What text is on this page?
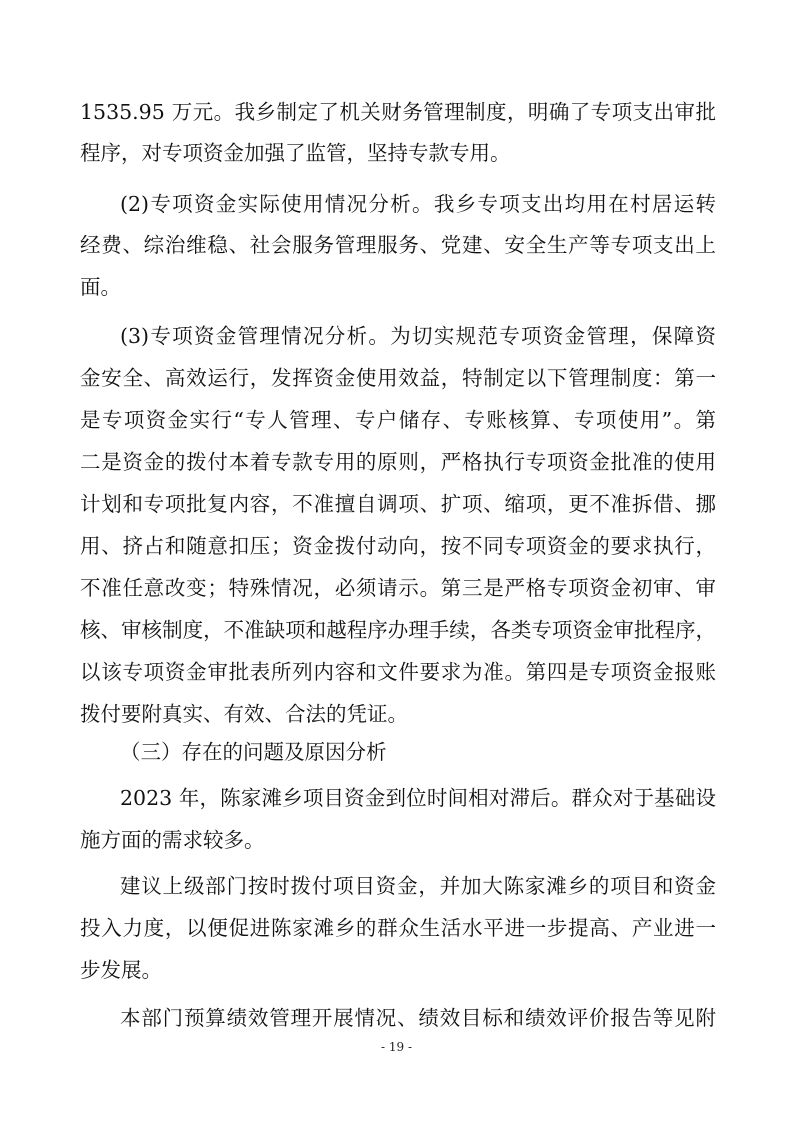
1535.95 万元。我乡制定了机关财务管理制度，明确了专项支出审批
程序，对专项资金加强了监管，坚持专款专用。
(2)专项资金实际使用情况分析。我乡专项支出均用在村居运转
经费、综治维稳、社会服务管理服务、党建、安全生产等专项支出上
面。
(3)专项资金管理情况分析。为切实规范专项资金管理，保障资
金安全、高效运行，发挥资金使用效益，特制定以下管理制度：第一
是专项资金实行“专人管理、专户储存、专账核算、专项使用”。第
二是资金的拨付本着专款专用的原则，严格执行专项资金批准的使用
计划和专项批复内容，不准擅自调项、扩项、缩项，更不准拆借、挪
用、挤占和随意扣压；资金拨付动向，按不同专项资金的要求执行，
不准任意改变；特殊情况，必须请示。第三是严格专项资金初审、审
核、审核制度，不准缺项和越程序办理手续，各类专项资金审批程序，
以该专项资金审批表所列内容和文件要求为准。第四是专项资金报账
拨付要附真实、有效、合法的凭证。
（三）存在的问题及原因分析
2023 年，陈家滩乡项目资金到位时间相对滞后。群众对于基础设
施方面的需求较多。
建议上级部门按时拨付项目资金，并加大陈家滩乡的项目和资金
投入力度，以便促进陈家滩乡的群众生活水平进一步提高、产业进一
步发展。
本部门预算绩效管理开展情况、绩效目标和绩效评价报告等见附
- 19 -
